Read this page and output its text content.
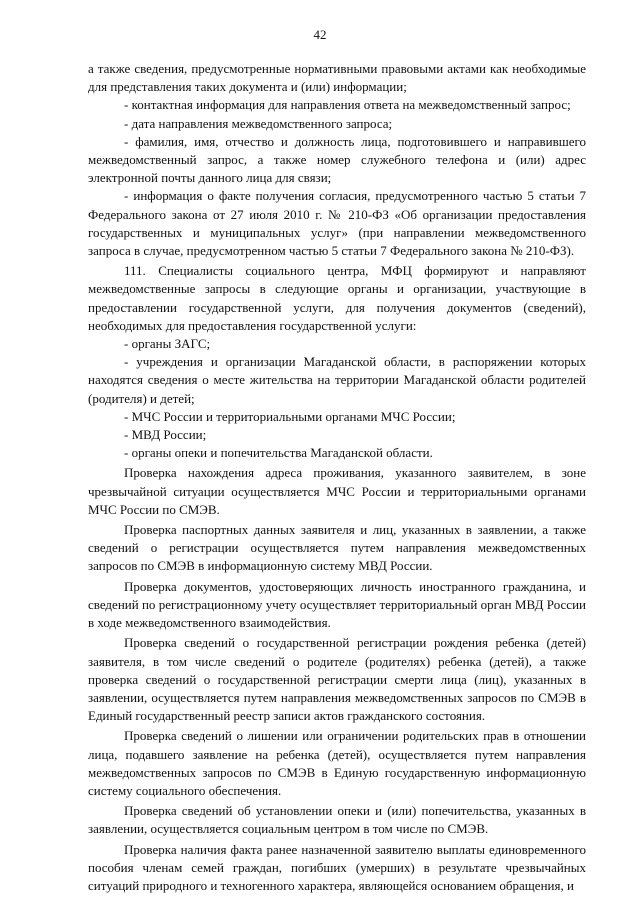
42

а также сведения, предусмотренные нормативными правовыми актами как необходимые для представления таких документа и (или) информации;

- контактная информация для направления ответа на межведомственный запрос;

- дата направления межведомственного запроса;

- фамилия, имя, отчество и должность лица, подготовившего и направившего межведомственный запрос, а также номер служебного телефона и (или) адрес электронной почты данного лица для связи;

- информация о факте получения согласия, предусмотренного частью 5 статьи 7 Федерального закона от 27 июля 2010 г. № 210-ФЗ «Об организации предоставления государственных и муниципальных услуг» (при направлении межведомственного запроса в случае, предусмотренном частью 5 статьи 7 Федерального закона № 210-ФЗ).

111. Специалисты социального центра, МФЦ формируют и направляют межведомственные запросы в следующие органы и организации, участвующие в предоставлении государственной услуги, для получения документов (сведений), необходимых для предоставления государственной услуги:

- органы ЗАГС;

- учреждения и организации Магаданской области, в распоряжении которых находятся сведения о месте жительства на территории Магаданской области родителей (родителя) и детей;

- МЧС России и территориальными органами МЧС России;

- МВД России;

- органы опеки и попечительства Магаданской области.

Проверка нахождения адреса проживания, указанного заявителем, в зоне чрезвычайной ситуации осуществляется МЧС России и территориальными органами МЧС России по СМЭВ.

Проверка паспортных данных заявителя и лиц, указанных в заявлении, а также сведений о регистрации осуществляется путем направления межведомственных запросов по СМЭВ в информационную систему МВД России.

Проверка документов, удостоверяющих личность иностранного гражданина, и сведений по регистрационному учету осуществляет территориальный орган МВД России в ходе межведомственного взаимодействия.

Проверка сведений о государственной регистрации рождения ребенка (детей) заявителя, в том числе сведений о родителе (родителях) ребенка (детей), а также проверка сведений о государственной регистрации смерти лица (лиц), указанных в заявлении, осуществляется путем направления межведомственных запросов по СМЭВ в Единый государственный реестр записи актов гражданского состояния.

Проверка сведений о лишении или ограничении родительских прав в отношении лица, подавшего заявление на ребенка (детей), осуществляется путем направления межведомственных запросов по СМЭВ в Единую государственную информационную систему социального обеспечения.

Проверка сведений об установлении опеки и (или) попечительства, указанных в заявлении, осуществляется социальным центром в том числе по СМЭВ.

Проверка наличия факта ранее назначенной заявителю выплаты единовременного пособия членам семей граждан, погибших (умерших) в результате чрезвычайных ситуаций природного и техногенного характера, являющейся основанием обращения, и
